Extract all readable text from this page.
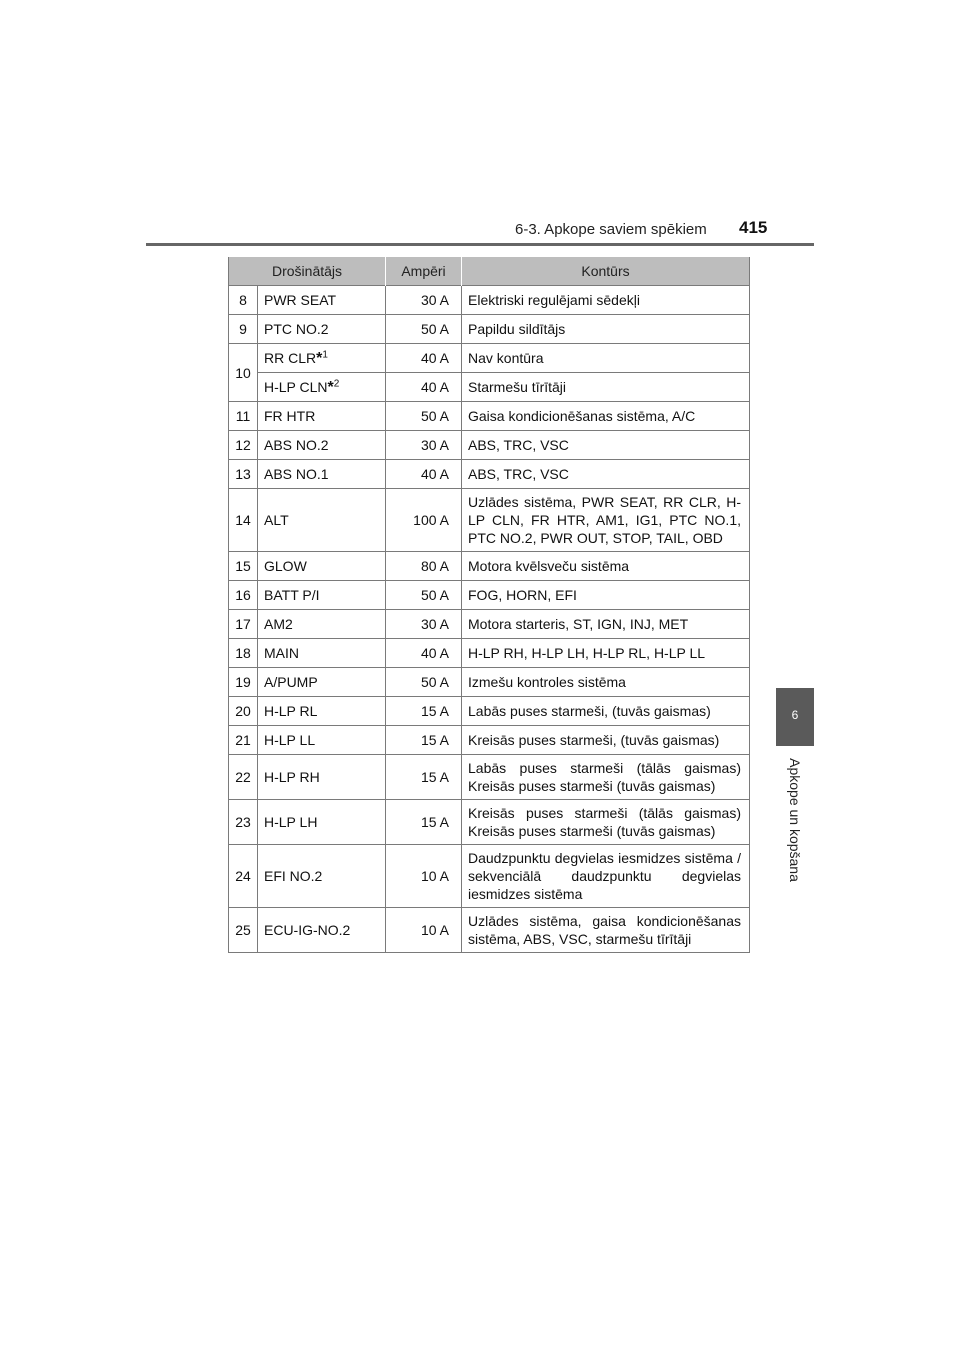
6-3. Apkope saviem spēkiem 415
6
Apkope un kopšana
Drošinātājs		Ampēri	Kontūrs
8	PWR SEAT	30 A	Elektriski regulējami sēdekļi
9	PTC NO.2	50 A	Papildu sildītājs
10	RR CLR*$^1$	40 A	Nav kontūra
	H-LP CLN*$^2$	40 A	Starmešu tīrītāji
11	FR HTR	50 A	Gaisa kondicionēšanas sistēma, A/C
12	ABS NO.2	30 A	ABS, TRC, VSC
13	ABS NO.1	40 A	ABS, TRC, VSC
14	ALT	100 A	Uzlādes sistēma, PWR SEAT, RR CLR, H-LP CLN, FR HTR, AM1, IG1, PTC NO.1, PTC NO.2, PWR OUT, STOP, TAIL, OBD
15	GLOW	80 A	Motora kvēlsveču sistēma
16	BATT P/I	50 A	FOG, HORN, EFI
17	AM2	30 A	Motora starteris, ST, IGN, INJ, MET
18	MAIN	40 A	H-LP RH, H-LP LH, H-LP RL, H-LP LL
19	A/PUMP	50 A	Izmešu kontroles sistēma
20	H-LP RL	15 A	Labās puses starmeši, (tuvās gaismas)
21	H-LP LL	15 A	Kreisās puses starmeši, (tuvās gaismas)
22	H-LP RH	15 A	Labās puses starmeši (tālās gaismas) Kreisās puses starmeši (tuvās gaismas)
23	H-LP LH	15 A	Kreisās puses starmeši (tālās gaismas) Kreisās puses starmeši (tuvās gaismas)
24	EFI NO.2	10 A	Daudzpunktu degvielas iesmidzes sistēma / sekvenciālā daudzpunktu degvielas iesmidzes sistēma
25	ECU-IG-NO.2	10 A	Uzlādes sistēma, gaisa kondicionēšanas sistēma, ABS, VSC, starmešu tīrītāji
